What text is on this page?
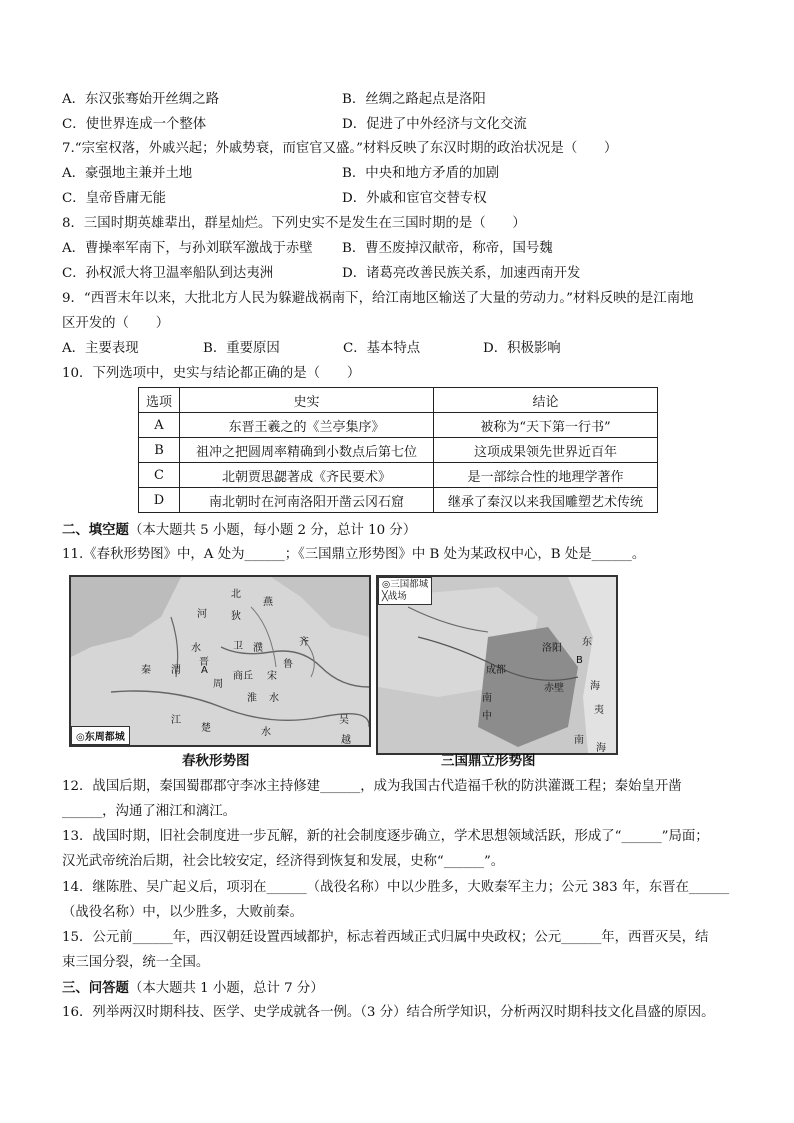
A．东汉张骞始开丝绸之路	B．丝绸之路起点是洛阳
C．使世界连成一个整体	D．促进了中外经济与文化交流
7.“宗室权落，外戚兴起；外戚势衰，而宦官又盛。”材料反映了东汉时期的政治状况是（　　）
A．豪强地主兼并土地	B．中央和地方矛盾的加剧
C．皇帝昏庸无能	D．外戚和宦官交替专权
8．三国时期英雄辈出，群星灿烂。下列史实不是发生在三国时期的是（　　）
A．曹操率军南下，与孙刘联军激战于赤壁 B．曹丕废掉汉献帝，称帝，国号魏
C．孙权派大将卫温率船队到达夷洲	D．诸葛亮改善民族关系，加速西南开发
9．“西晋末年以来，大批北方人民为躲避战祸南下，给江南地区输送了大量的劳动力。”材料反映的是江南地
区开发的（　　）
A．主要表现	B．重要原因	C．基本特点	D．积极影响
10．下列选项中，史实与结论都正确的是（　　）
选项	史实	结论
A	东晋王羲之的《兰亭集序》	被称为“天下第一行书”
B	祖冲之把圆周率精确到小数点后第七位	这项成果领先世界近百年
C	北朝贾思勰著成《齐民要术》	是一部综合性的地理学著作
D	南北朝时在河南洛阳开凿云冈石窟	继承了秦汉以来我国雕塑艺术传统
二、填空题（本大题共 5 小题，每小题 2 分，总计 10 分）
11.《春秋形势图》中，A 处为______；《三国鼎立形势图》中 B 处为某政权中心，B 处是______。
北
狄
燕
河
齐
卫 濮
水
晋
A
周
鲁
宋
秦
商丘
淮 水
江
楚
吴
越
水
渭
◎东周都城
春秋形势图
洛阳
成都
赤壁
B
东
海
南
中
夷
南
海
◎三国都城
╳战场
三国鼎立形势图
12．战国后期，秦国蜀郡郡守李冰主持修建______，成为我国古代造福千秋的防洪灌溉工程；秦始皇开凿
______，沟通了湘江和漓江。
13．战国时期，旧社会制度进一步瓦解，新的社会制度逐步确立，学术思想领域活跃，形成了“______”局面；
汉光武帝统治后期，社会比较安定，经济得到恢复和发展，史称“______”。
14．继陈胜、吴广起义后，项羽在______（战役名称）中以少胜多，大败秦军主力；公元 383 年，东晋在______
（战役名称）中，以少胜多，大败前秦。
15．公元前______年，西汉朝廷设置西域都护，标志着西域正式归属中央政权；公元______年，西晋灭吴，结
束三国分裂，统一全国。
三、问答题（本大题共 1 小题，总计 7 分）
16．列举两汉时期科技、医学、史学成就各一例。（3 分）结合所学知识，分析两汉时期科技文化昌盛的原因。
